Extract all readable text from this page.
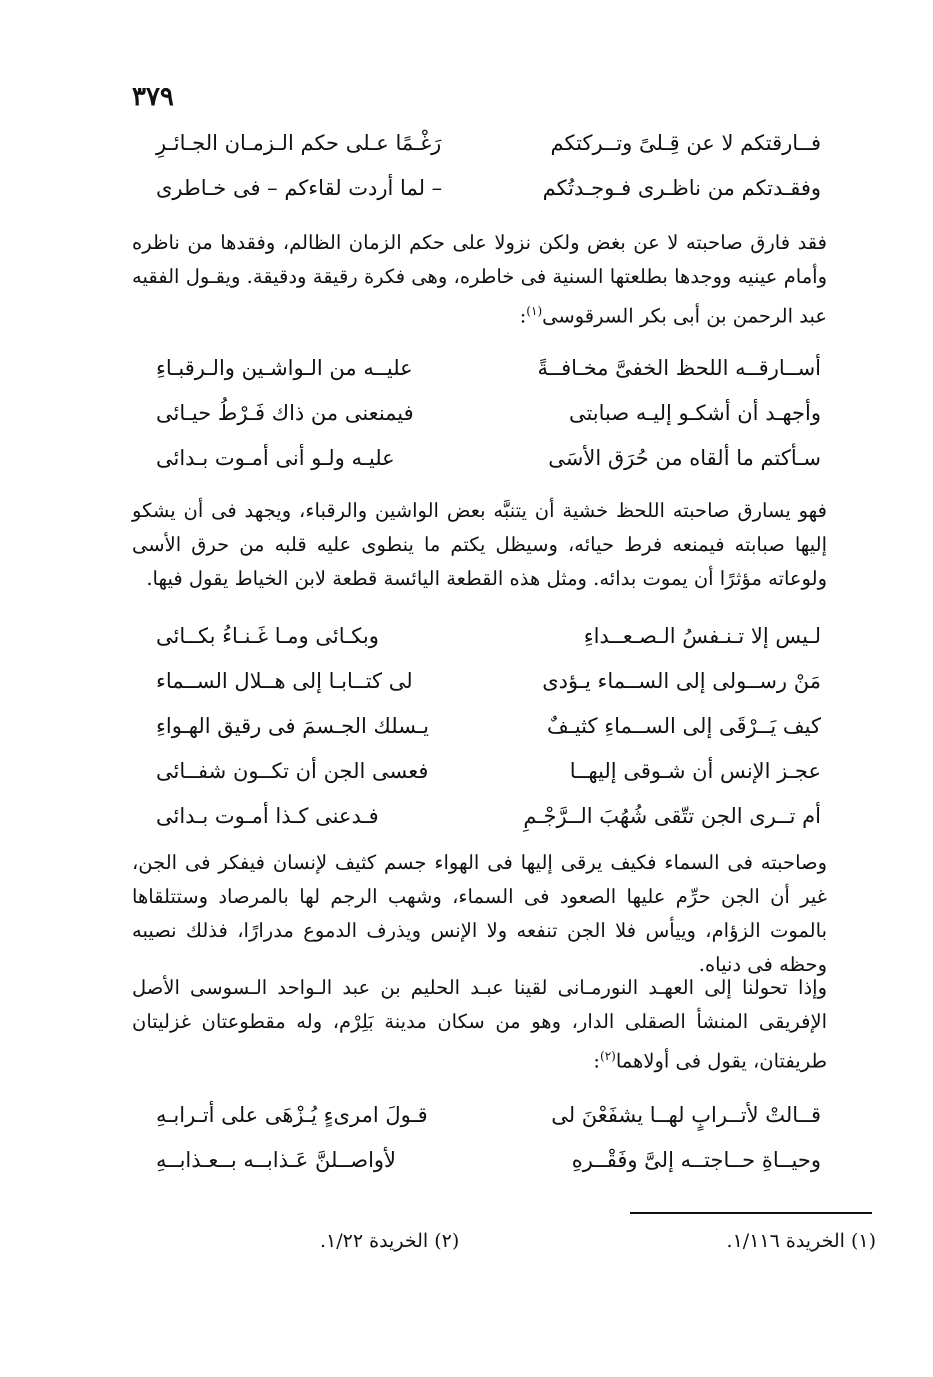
٣٧٩
فــارقتكم لا عن قِـلىً وتــركتكم
رَغْـمًا عـلى حكم الـزمـان الجـائـرِ
وفقـدتكم من ناظـرى فـوجـدتُكم
– لما أردت لقاءكم – فى خـاطرى

فقد فارق صاحبته لا عن بغض ولكن نزولا على حكم الزمان الظالم، وفقدها من ناظره وأمام عينيه ووجدها بطلعتها السنية فى خاطره، وهى فكرة رقيقة ودقيقة. ويقـول الفقيه عبد الرحمن بن أبى بكر السرقوسى$^{(١)}$:

أســارقــه اللحظ الخفىَّ مخـافــةً
عليــه من الـواشـين والـرقبـاءِ
وأجهـد أن أشكـو إليـه صبابتى
فيمنعنى من ذاك فَـرْطُ حيـائى
سـأكتم ما ألقاه من حُرَق الأسَى
عليـه ولـو أنى أمـوت بـدائى

فهو يسارق صاحبته اللحظ خشية أن يتنبَّه بعض الواشين والرقباء، ويجهد فى أن يشكو إليها صبابته فيمنعه فرط حيائه، وسيظل يكتم ما ينطوى عليه قلبه من حرق الأسى ولوعاته مؤثرًا أن يموت بدائه. ومثل هذه القطعة اليائسة قطعة لابن الخياط يقول فيها.

لـيس إلا تـنـفسُ الـصـعــداءِ
وبكـائى ومـا غَـنـاءُ بكــائى
مَنْ رســولى إلى الســماء يـؤدى
لى كتــابـا إلى هــلال الســماء
كيف يَــرْقَى إلى الســماءِ كثيـفٌ
يـسلك الجـسمَ فى رقيق الهـواءِ
عجـز الإنس أن شـوقى إليهــا
فعسى الجن أن تكــون شفــائى
أم تــرى الجن تتّقى شُهُبَ الــرَّجْـمِ
فـدعنى كـذا أمـوت بـدائى

وصاحبته فى السماء فكيف يرقى إليها فى الهواء جسم كثيف لإنسان فيفكر فى الجن، غير أن الجن حرِّم عليها الصعود فى السماء، وشهب الرجم لها بالمرصاد وستتلقاها بالموت الزؤام، وييأس فلا الجن تنفعه ولا الإنس ويذرف الدموع مدرارًا، فذلك نصيبه وحظه فى دنياه.

وإذا تحولنا إلى العهـد النورمـانى لقينا عبـد الحليم بن عبد الـواحد الـسوسى الأصل الإفريقى المنشأ الصقلى الدار، وهو من سكان مدينة بَلِرْم، وله مقطوعتان غزليتان طريفتان، يقول فى أولاهما$^{(٢)}$:

قــالتْ لأتــرابٍ لهــا يشفَعْنَ لى
قـولَ امرىءٍ يُـزْهَى على أتـرابـهِ
وحيــاةِ حــاجتــه إلىَّ وفَقْــرهِ
لأواصــلنَّ عَـذابــه بــعـذابــهِ
(١) الخريدة ١/١١٦.
(٢) الخريدة ١/٢٢.
